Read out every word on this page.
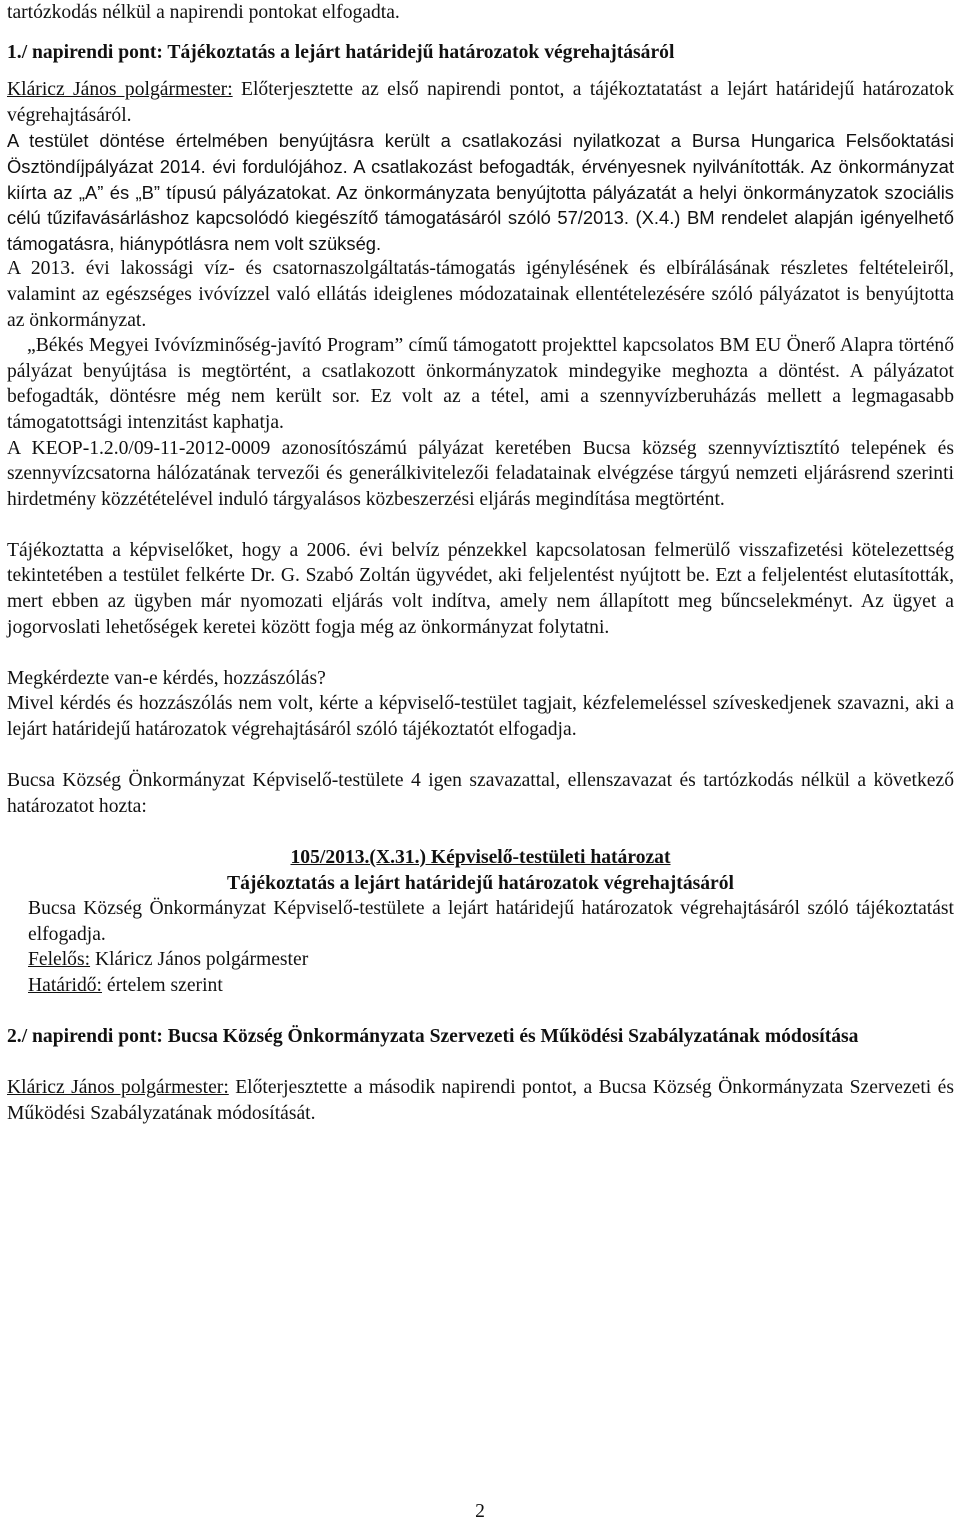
tartózkodás nélkül a napirendi pontokat elfogadta.

1./ napirendi pont: Tájékoztatás a lejárt határidejű határozatok végrehajtásáról

Kláricz János polgármester: Előterjesztette az első napirendi pontot, a tájékoztatatást a lejárt határidejű határozatok végrehajtásáról.

A testület döntése értelmében benyújtásra került a csatlakozási nyilatkozat a Bursa Hungarica Felsőoktatási Ösztöndíjpályázat 2014. évi fordulójához. A csatlakozást befogadták, érvényesnek nyilvánították. Az önkormányzat kiírta az „A” és „B” típusú pályázatokat. Az önkormányzata benyújtotta pályázatát a helyi önkormányzatok szociális célú tűzifavásárláshoz kapcsolódó kiegészítő támogatásáról szóló 57/2013. (X.4.) BM rendelet alapján igényelhető támogatásra, hiánypótlásra nem volt szükség.

A 2013. évi lakossági víz- és csatornaszolgáltatás-támogatás igénylésének és elbírálásának részletes feltételeiről, valamint az egészséges ivóvízzel való ellátás ideiglenes módozatainak ellentételezésére szóló pályázatot is benyújtotta az önkormányzat.

„Békés Megyei Ivóvízminőség-javító Program” című támogatott projekttel kapcsolatos BM EU Önerő Alapra történő pályázat benyújtása is megtörtént, a csatlakozott önkormányzatok mindegyike meghozta a döntést. A pályázatot befogadták, döntésre még nem került sor. Ez volt az a tétel, ami a szennyvízberuházás mellett a legmagasabb támogatottsági intenzitást kaphatja.

A KEOP-1.2.0/09-11-2012-0009 azonosítószámú pályázat keretében Bucsa község szennyvíztisztító telepének és szennyvízcsatorna hálózatának tervezői és generálkivitelezői feladatainak elvégzése tárgyú nemzeti eljárásrend szerinti hirdetmény közzétételével induló tárgyalásos közbeszerzési eljárás megindítása megtörtént.

Tájékoztatta a képviselőket, hogy a 2006. évi belvíz pénzekkel kapcsolatosan felmerülő visszafizetési kötelezettség tekintetében a testület felkérte Dr. G. Szabó Zoltán ügyvédet, aki feljelentést nyújtott be. Ezt a feljelentést elutasították, mert ebben az ügyben már nyomozati eljárás volt indítva, amely nem állapított meg bűncselekményt. Az ügyet a jogorvoslati lehetőségek keretei között fogja még az önkormányzat folytatni.

Megkérdezte van-e kérdés, hozzászólás?

Mivel kérdés és hozzászólás nem volt, kérte a képviselő-testület tagjait, kézfelemeléssel szíveskedjenek szavazni, aki a lejárt határidejű határozatok végrehajtásáról szóló tájékoztatót elfogadja.

Bucsa Község Önkormányzat Képviselő-testülete 4 igen szavazattal, ellenszavazat és tartózkodás nélkül a következő határozatot hozta:

105/2013.(X.31.) Képviselő-testületi határozat

Tájékoztatás a lejárt határidejű határozatok végrehajtásáról

Bucsa Község Önkormányzat Képviselő-testülete a lejárt határidejű határozatok végrehajtásáról szóló tájékoztatást elfogadja.

Felelős: Kláricz János polgármester

Határidő: értelem szerint

2./ napirendi pont: Bucsa Község Önkormányzata Szervezeti és Működési Szabályzatának módosítása

Kláricz János polgármester: Előterjesztette a második napirendi pontot, a Bucsa Község Önkormányzata Szervezeti és Működési Szabályzatának módosítását.

2
